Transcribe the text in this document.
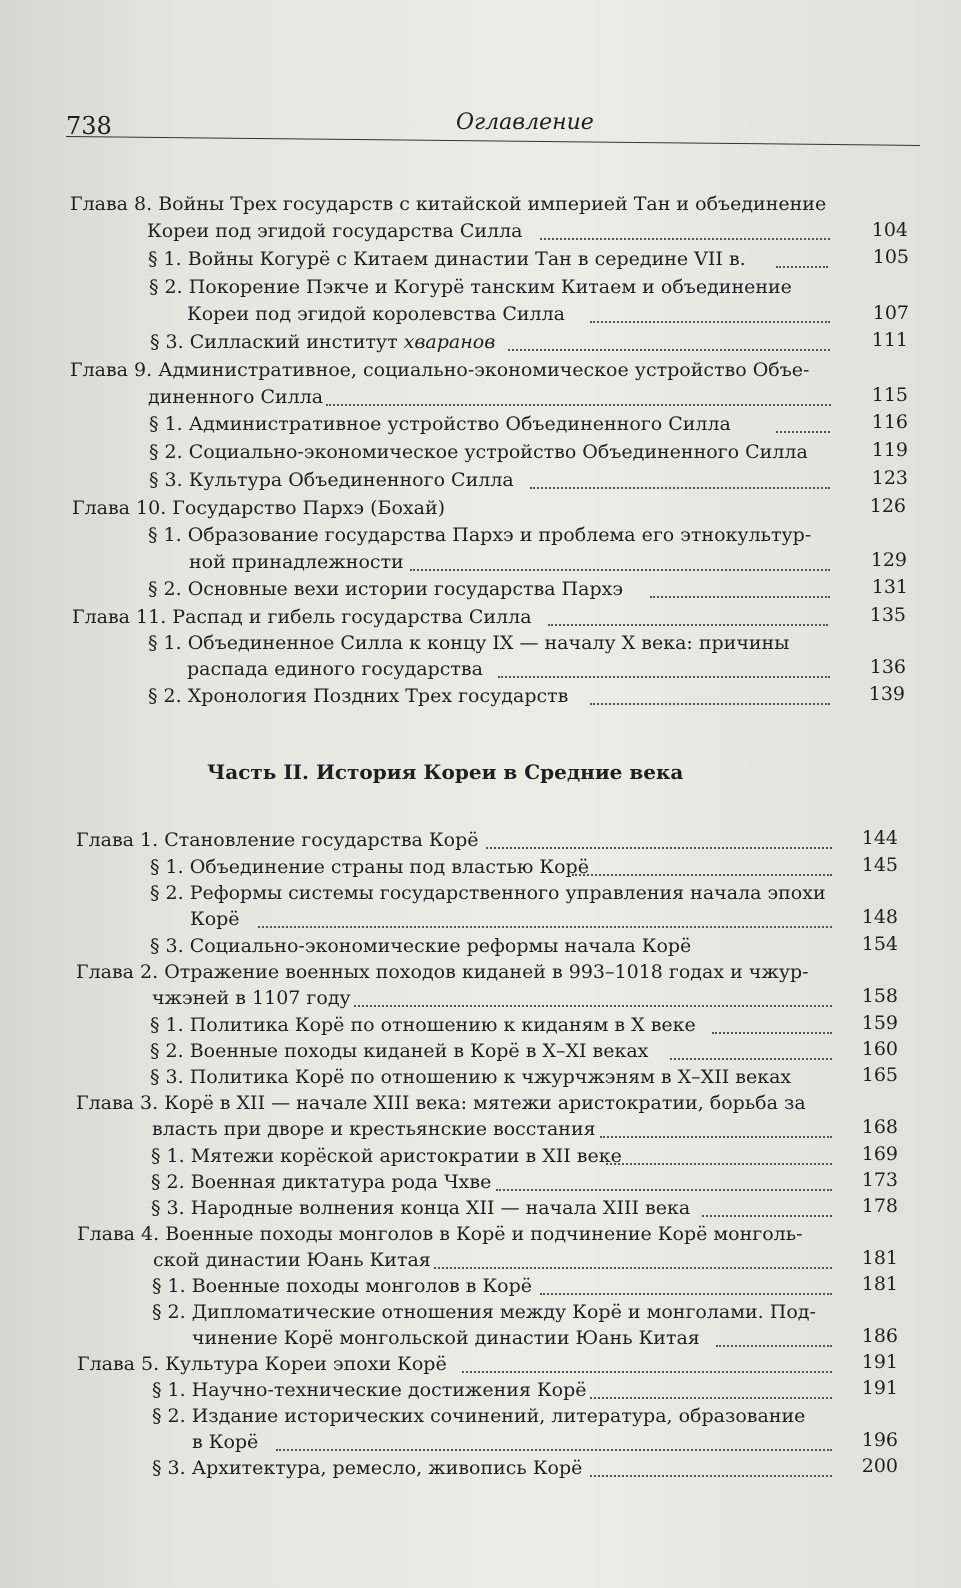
738	Оглавление
Глава 8. Войны Трех государств с китайской империей Тан и объединение
Кореи под эгидой государства Силла	104
§ 1. Войны Когурё с Китаем династии Тан в середине VII в.	105
§ 2. Покорение Пэкче и Когурё танским Китаем и объединение
Кореи под эгидой королевства Силла	107
§ 3. Силлаский институт хваранов	111
Глава 9. Административное, социально-экономическое устройство Объе-
диненного Силла	115
§ 1. Административное устройство Объединенного Силла	116
§ 2. Социально-экономическое устройство Объединенного Силла	119
§ 3. Культура Объединенного Силла	123
Глава 10. Государство Пархэ (Бохай)	126
§ 1. Образование государства Пархэ и проблема его этнокультур-
ной принадлежности	129
§ 2. Основные вехи истории государства Пархэ	131
Глава 11. Распад и гибель государства Силла	135
§ 1. Объединенное Силла к концу IX — началу X века: причины
распада единого государства	136
§ 2. Хронология Поздних Трех государств	139
Часть II. История Кореи в Средние века
Глава 1. Становление государства Корё	144
§ 1. Объединение страны под властью Корё	145
§ 2. Реформы системы государственного управления начала эпохи
Корё	148
§ 3. Социально-экономические реформы начала Корё	154
Глава 2. Отражение военных походов киданей в 993–1018 годах и чжур-
чжэней в 1107 году	158
§ 1. Политика Корё по отношению к киданям в X веке	159
§ 2. Военные походы киданей в Корё в X–XI веках	160
§ 3. Политика Корё по отношению к чжурчжэням в X–XII веках	165
Глава 3. Корё в XII — начале XIII века: мятежи аристократии, борьба за
власть при дворе и крестьянские восстания	168
§ 1. Мятежи корёской аристократии в XII веке	169
§ 2. Военная диктатура рода Чхве	173
§ 3. Народные волнения конца XII — начала XIII века	178
Глава 4. Военные походы монголов в Корё и подчинение Корё монголь-
ской династии Юань Китая	181
§ 1. Военные походы монголов в Корё	181
§ 2. Дипломатические отношения между Корё и монголами. Под-
чинение Корё монгольской династии Юань Китая	186
Глава 5. Культура Кореи эпохи Корё	191
§ 1. Научно-технические достижения Корё	191
§ 2. Издание исторических сочинений, литература, образование
в Корё	196
§ 3. Архитектура, ремесло, живопись Корё	200
